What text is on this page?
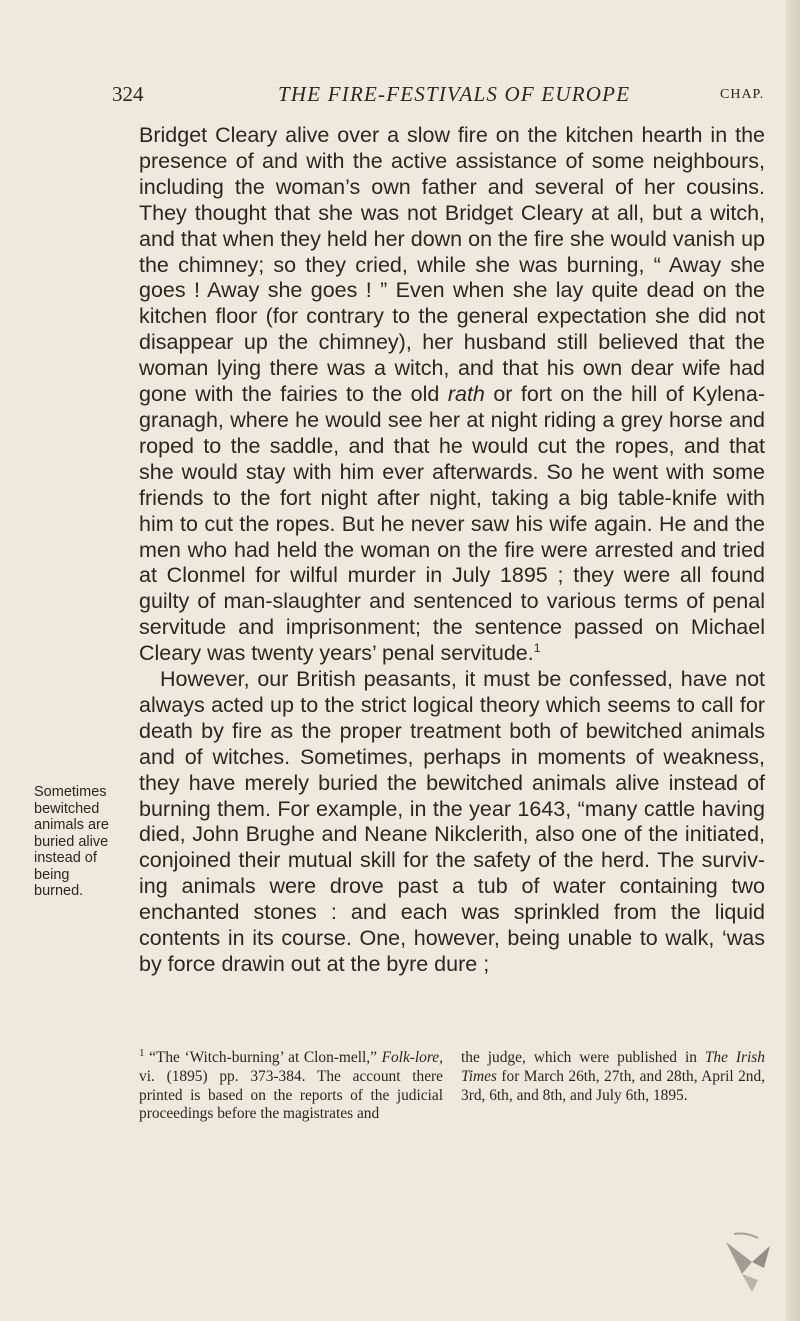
324	THE FIRE-FESTIVALS OF EUROPE	CHAP.

Bridget Cleary alive over a slow fire on the kitchen hearth in the presence of and with the active assistance of some neighbours, including the woman’s own father and several of her cousins. They thought that she was not Bridget Cleary at all, but a witch, and that when they held her down on the fire she would vanish up the chimney; so they cried, while she was burning, “ Away she goes ! Away she goes ! ” Even when she lay quite dead on the kitchen floor (for contrary to the general expectation she did not disappear up the chimney), her husband still believed that the woman lying there was a witch, and that his own dear wife had gone with the fairies to the old rath or fort on the hill of Kylena-granagh, where he would see her at night riding a grey horse and roped to the saddle, and that he would cut the ropes, and that she would stay with him ever afterwards. So he went with some friends to the fort night after night, taking a big table-knife with him to cut the ropes. But he never saw his wife again. He and the men who had held the woman on the fire were arrested and tried at Clonmel for wilful murder in July 1895 ; they were all found guilty of man-slaughter and sentenced to various terms of penal servitude and imprisonment; the sentence passed on Michael Cleary was twenty years’ penal servitude.$^1$

However, our British peasants, it must be confessed, have not always acted up to the strict logical theory which seems to call for death by fire as the proper treatment both of bewitched animals and of witches. Sometimes, perhaps in moments of weakness, they have merely buried the bewitched animals alive instead of burning them. For example, in the year 1643, “many cattle having died, John Brughe and Neane Nikclerith, also one of the initiated, conjoined their mutual skill for the safety of the herd. The surviv-ing animals were drove past a tub of water containing two enchanted stones : and each was sprinkled from the liquid contents in its course. One, however, being unable to walk, ‘was by force drawin out at the byre dure ;

Sometimes bewitched animals are buried alive instead of being burned.
$^1$ “The ‘Witch-burning’ at Clon-mell,” Folk-lore, vi. (1895) pp. 373-384. The account there printed is based on the reports of the judicial proceedings before the magistrates and
the judge, which were published in The Irish Times for March 26th, 27th, and 28th, April 2nd, 3rd, 6th, and 8th, and July 6th, 1895.
